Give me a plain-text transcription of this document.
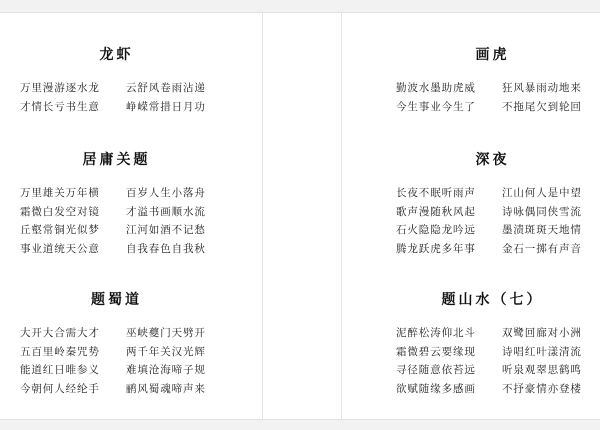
龙虾
万里漫游逐水龙	云舒风卷雨沾递
才情长亏书生意	峥嵘常措日月功
居庸关题
万里雄关万年横	百岁人生小落舟
霜微白发空对镜	才溢书画顺水流
丘壑常铜光似梦	江河如酒不记愁
事业道统天公意	自我春色自我秋
题蜀道
大开大合需大才	巫峡夔门天劈开
五百里岭秦咒势	两千年关汉光辉
能道红日唯参义	难填沧海啼子规
今朝何人经纶手	鹂风蜀魂啼声来
画虎
勤波水墨助虎威	狂风暴雨动地来
今生事业今生了	不拖尾欠到轮回
深夜
长夜不眠听雨声	江山何人是中望
歌声漫随秋风起	诗咏偶同侠雪流
石火隐隐龙吟远	墨渍斑斑天地情
腾龙跃虎多年事	金石一掷有声音
题山水（七）
泥醉松涛仰北斗	双鹭回廊对小洲
霜微碧云要缘现	诗唱红叶漾清流
寻径随意依苔远	听泉观翠思鹤鸣
欲赋随缘多感画	不抒豪情亦登楼
